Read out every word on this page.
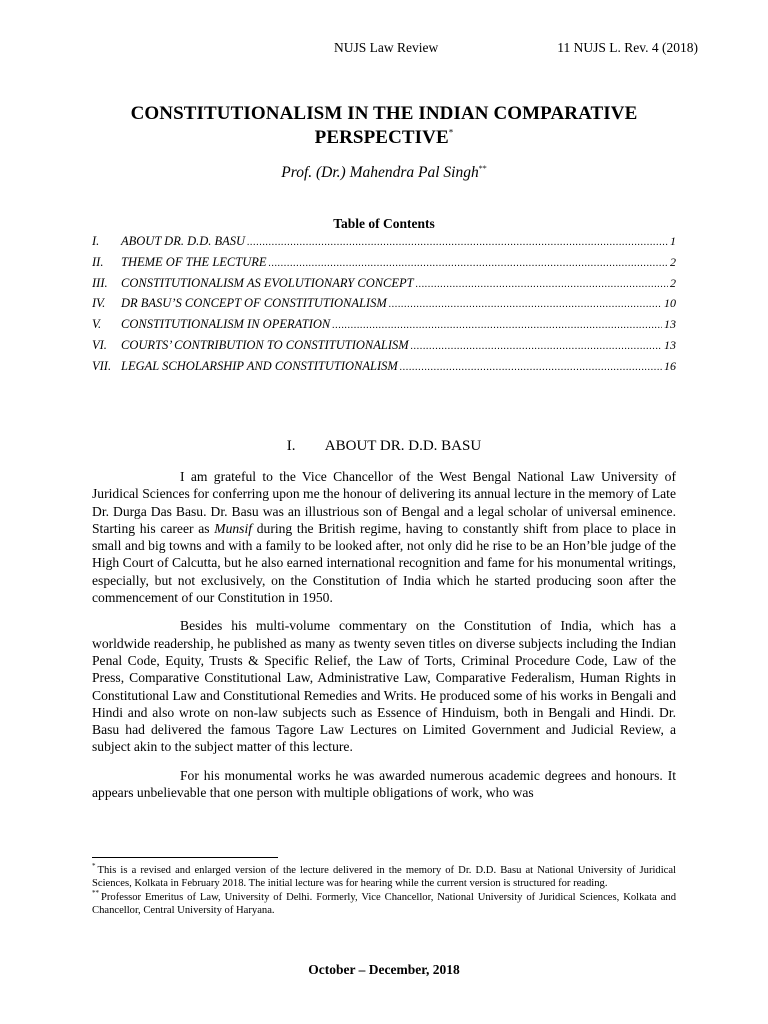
NUJS Law Review	11 NUJS L. Rev. 4 (2018)
CONSTITUTIONALISM IN THE INDIAN COMPARATIVE
PERSPECTIVE*
Prof. (Dr.) Mahendra Pal Singh**
Table of Contents
I.	ABOUT DR. D.D. BASU .....	1
II.	THEME OF THE LECTURE .....	2
III.	CONSTITUTIONALISM AS EVOLUTIONARY CONCEPT .....	2
IV.	DR BASU’S CONCEPT OF CONSTITUTIONALISM .....	10
V.	CONSTITUTIONALISM IN OPERATION .....	13
VI.	COURTS’ CONTRIBUTION TO CONSTITUTIONALISM .....	13
VII. LEGAL SCHOLARSHIP AND CONSTITUTIONALISM .....	16
I. ABOUT DR. D.D. BASU

I am grateful to the Vice Chancellor of the West Bengal National Law University of Juridical Sciences for conferring upon me the honour of delivering its annual lecture in the memory of Late Dr. Durga Das Basu. Dr. Basu was an illustrious son of Bengal and a legal scholar of universal eminence. Starting his career as Munsif during the British regime, having to constantly shift from place to place in small and big towns and with a family to be looked after, not only did he rise to be an Hon’ble judge of the High Court of Calcutta, but he also earned international recognition and fame for his monumental writings, especially, but not exclusively, on the Constitution of India which he started producing soon after the commencement of our Constitution in 1950.

Besides his multi-volume commentary on the Constitution of India, which has a worldwide readership, he published as many as twenty seven titles on diverse subjects including the Indian Penal Code, Equity, Trusts & Specific Relief, the Law of Torts, Criminal Procedure Code, Law of the Press, Comparative Constitutional Law, Administrative Law, Comparative Federalism, Human Rights in Constitutional Law and Constitutional Remedies and Writs. He produced some of his works in Bengali and Hindi and also wrote on non-law subjects such as Essence of Hinduism, both in Bengali and Hindi. Dr. Basu had delivered the famous Tagore Law Lectures on Limited Government and Judicial Review, a subject akin to the subject matter of this lecture.

For his monumental works he was awarded numerous academic degrees and honours. It appears unbelievable that one person with multiple obligations of work, who was

* This is a revised and enlarged version of the lecture delivered in the memory of Dr. D.D. Basu at National University of Juridical Sciences, Kolkata in February 2018. The initial lecture was for hearing while the current version is structured for reading.

** Professor Emeritus of Law, University of Delhi. Formerly, Vice Chancellor, National University of Juridical Sciences, Kolkata and Chancellor, Central University of Haryana.

October – December, 2018
